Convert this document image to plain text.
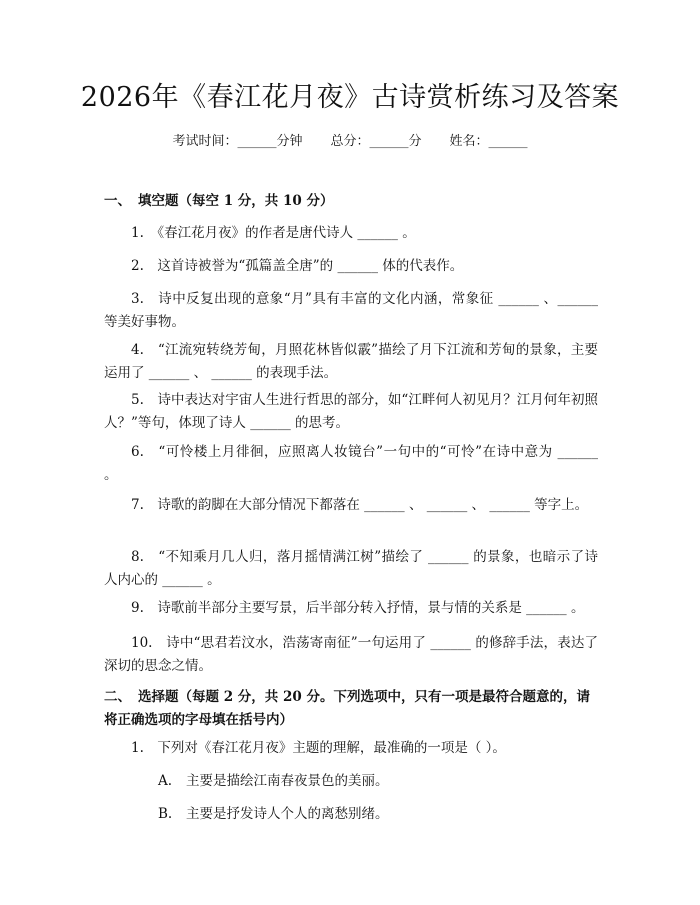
2026年《春江花月夜》古诗赏析练习及答案
考试时间：______分钟 总分：______分 姓名：______
一、 填空题（每空 1 分，共 10 分）
1.　《春江花月夜》的作者是唐代诗人 ______ 。
2.　这首诗被誉为“孤篇盖全唐”的 ______ 体的代表作。
3.　诗中反复出现的意象“月”具有丰富的文化内涵，常象征 ______ 、______ 等美好事物。
4.　“江流宛转绕芳甸，月照花林皆似霰”描绘了月下江流和芳甸的景象，主要运用了 ______ 、 ______ 的表现手法。
5.　诗中表达对宇宙人生进行哲思的部分，如“江畔何人初见月？江月何年初照人？”等句，体现了诗人 ______ 的思考。
6.　“可怜楼上月徘徊，应照离人妆镜台”一句中的“可怜”在诗中意为 ______ 。
7.　诗歌的韵脚在大部分情况下都落在 ______ 、 ______ 、 ______ 等字上。
8.　“不知乘月几人归，落月摇情满江树”描绘了 ______ 的景象，也暗示了诗人内心的 ______ 。
9.　诗歌前半部分主要写景，后半部分转入抒情，景与情的关系是 ______ 。
10.　诗中“思君若汶水，浩荡寄南征”一句运用了 ______ 的修辞手法，表达了深切的思念之情。
二、 选择题（每题 2 分，共 20 分。下列选项中，只有一项是最符合题意的，请将正确选项的字母填在括号内）
1.　下列对《春江花月夜》主题的理解，最准确的一项是（ ）。
A. 主要是描绘江南春夜景色的美丽。
B. 主要是抒发诗人个人的离愁别绪。
